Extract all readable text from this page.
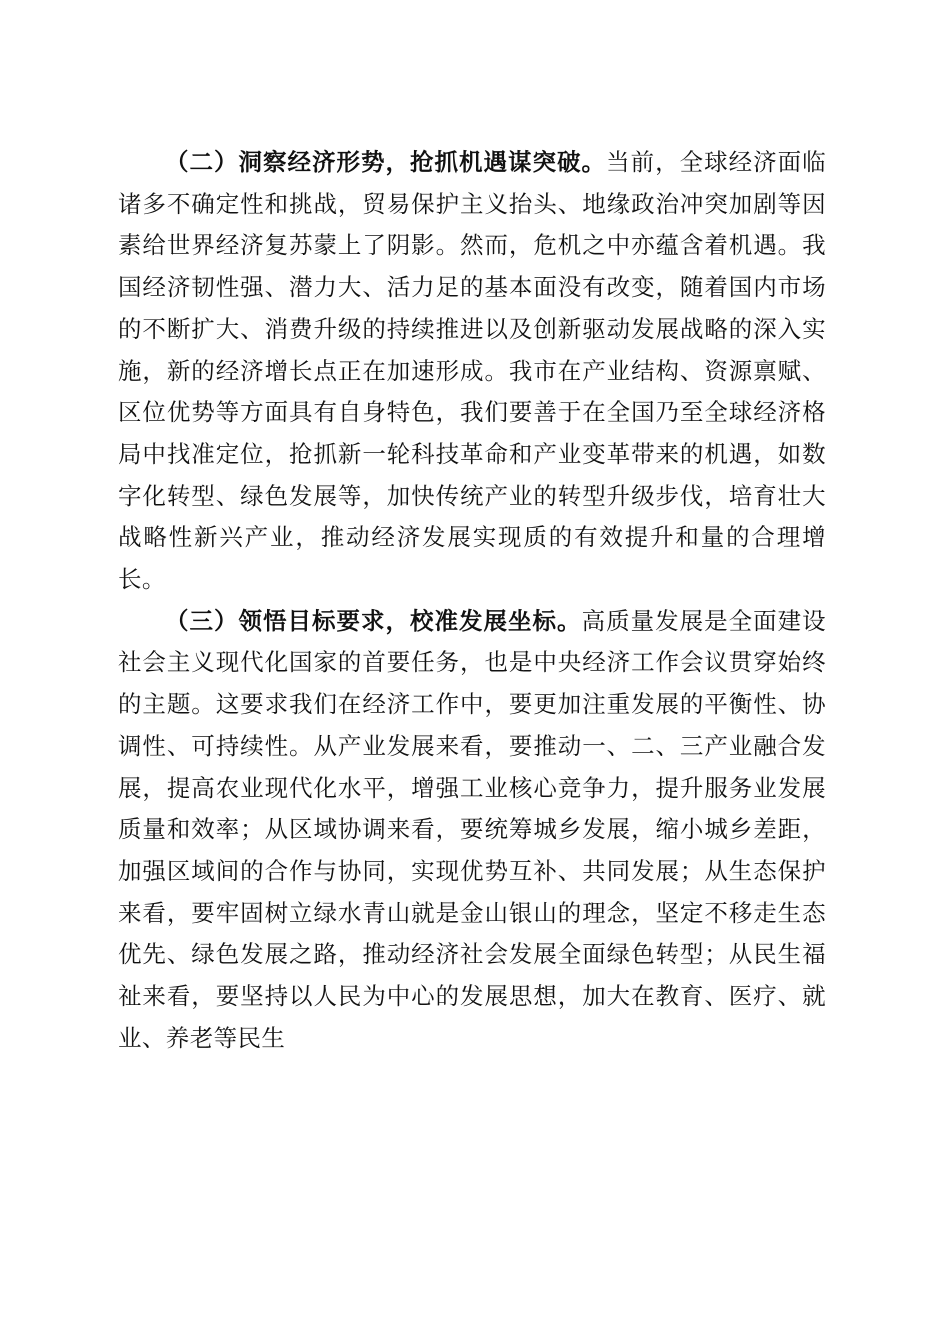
（二）洞察经济形势，抢抓机遇谋突破。当前，全球经济面临诸多不确定性和挑战，贸易保护主义抬头、地缘政治冲突加剧等因素给世界经济复苏蒙上了阴影。然而，危机之中亦蕴含着机遇。我国经济韧性强、潜力大、活力足的基本面没有改变，随着国内市场的不断扩大、消费升级的持续推进以及创新驱动发展战略的深入实施，新的经济增长点正在加速形成。我市在产业结构、资源禀赋、区位优势等方面具有自身特色，我们要善于在全国乃至全球经济格局中找准定位，抢抓新一轮科技革命和产业变革带来的机遇，如数字化转型、绿色发展等，加快传统产业的转型升级步伐，培育壮大战略性新兴产业，推动经济发展实现质的有效提升和量的合理增长。

（三）领悟目标要求，校准发展坐标。高质量发展是全面建设社会主义现代化国家的首要任务，也是中央经济工作会议贯穿始终的主题。这要求我们在经济工作中，要更加注重发展的平衡性、协调性、可持续性。从产业发展来看，要推动一、二、三产业融合发展，提高农业现代化水平，增强工业核心竞争力，提升服务业发展质量和效率；从区域协调来看，要统筹城乡发展，缩小城乡差距，加强区域间的合作与协同，实现优势互补、共同发展；从生态保护来看，要牢固树立绿水青山就是金山银山的理念，坚定不移走生态优先、绿色发展之路，推动经济社会发展全面绿色转型；从民生福祉来看，要坚持以人民为中心的发展思想，加大在教育、医疗、就业、养老等民生
